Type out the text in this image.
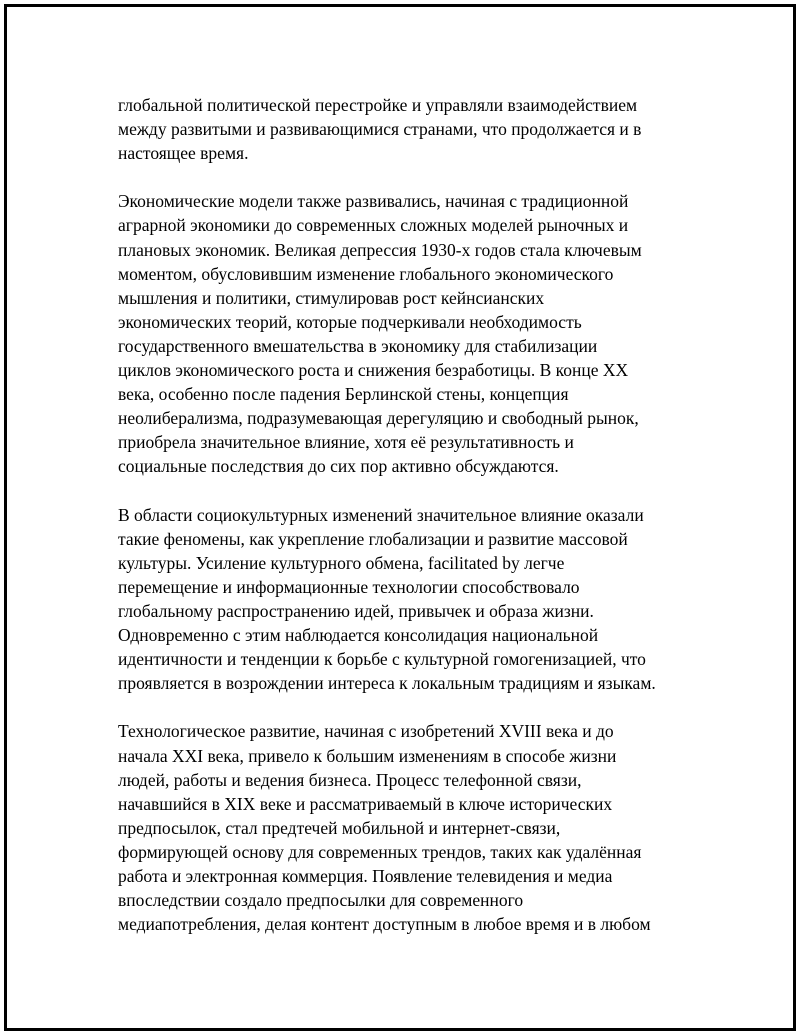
глобальной политической перестройке и управляли взаимодействием
между развитыми и развивающимися странами, что продолжается и в
настоящее время.

Экономические модели также развивались, начиная с традиционной
аграрной экономики до современных сложных моделей рыночных и
плановых экономик. Великая депрессия 1930-х годов стала ключевым
моментом, обусловившим изменение глобального экономического
мышления и политики, стимулировав рост кейнсианских
экономических теорий, которые подчеркивали необходимость
государственного вмешательства в экономику для стабилизации
циклов экономического роста и снижения безработицы. В конце XX
века, особенно после падения Берлинской стены, концепция
неолиберализма, подразумевающая дерегуляцию и свободный рынок,
приобрела значительное влияние, хотя её результативность и
социальные последствия до сих пор активно обсуждаются.

В области социокультурных изменений значительное влияние оказали
такие феномены, как укрепление глобализации и развитие массовой
культуры. Усиление культурного обмена, facilitated by легче
перемещение и информационные технологии способствовало
глобальному распространению идей, привычек и образа жизни.
Одновременно с этим наблюдается консолидация национальной
идентичности и тенденции к борьбе с культурной гомогенизацией, что
проявляется в возрождении интереса к локальным традициям и языкам.

Технологическое развитие, начиная с изобретений XVIII века и до
начала XXI века, привело к большим изменениям в способе жизни
людей, работы и ведения бизнеса. Процесс телефонной связи,
начавшийся в XIX веке и рассматриваемый в ключе исторических
предпосылок, стал предтечей мобильной и интернет-связи,
формирующей основу для современных трендов, таких как удалённая
работа и электронная коммерция. Появление телевидения и медиа
впоследствии создало предпосылки для современного
медиапотребления, делая контент доступным в любое время и в любом
